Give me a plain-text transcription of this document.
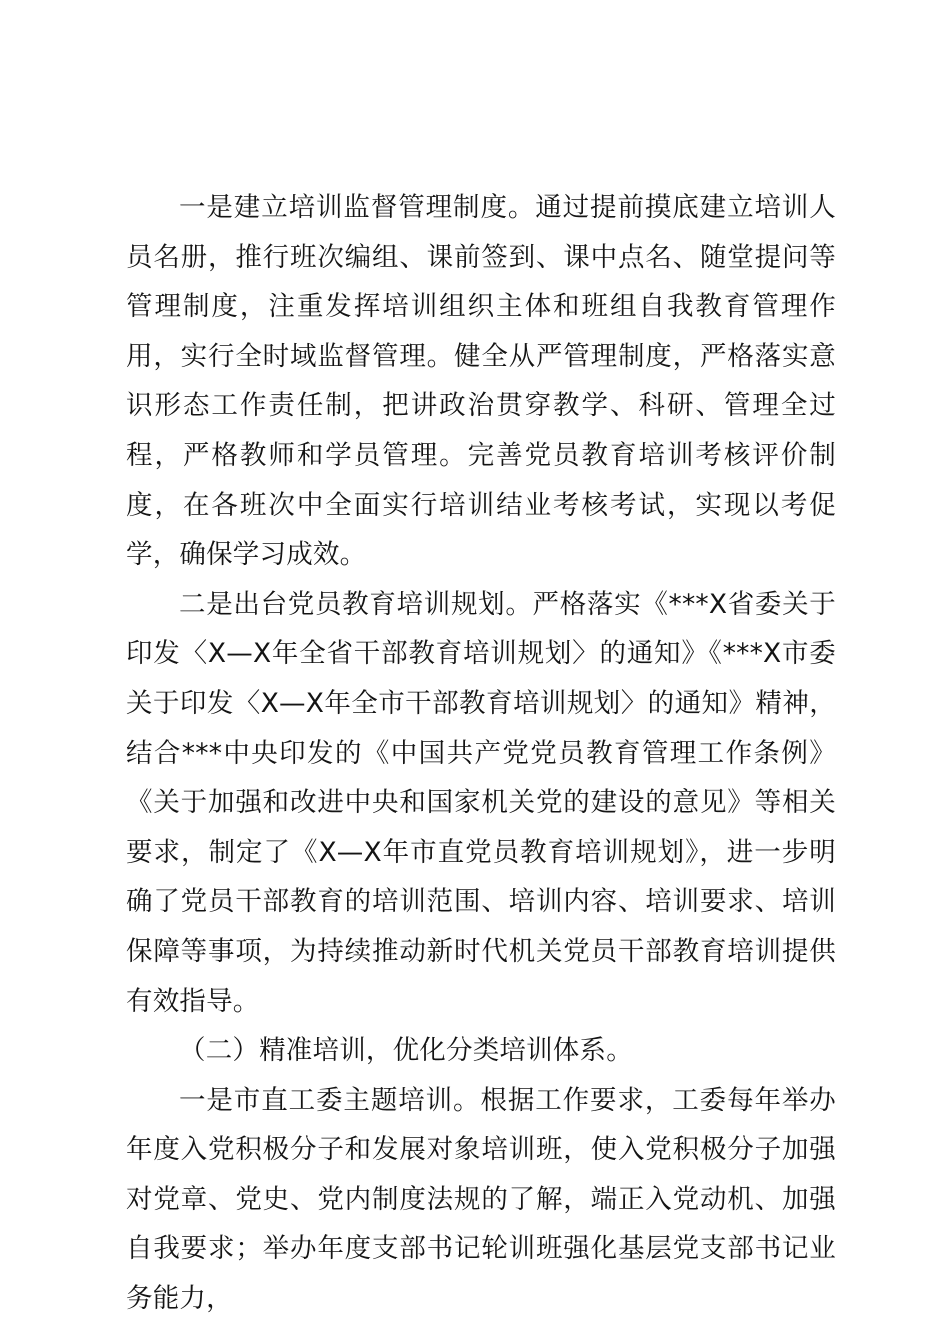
一是建立培训监督管理制度。通过提前摸底建立培训人员名册，推行班次编组、课前签到、课中点名、随堂提问等管理制度，注重发挥培训组织主体和班组自我教育管理作用，实行全时域监督管理。健全从严管理制度，严格落实意识形态工作责任制，把讲政治贯穿教学、科研、管理全过程，严格教师和学员管理。完善党员教育培训考核评价制度，在各班次中全面实行培训结业考核考试，实现以考促学，确保学习成效。

二是出台党员教育培训规划。严格落实《***X省委关于印发〈X—X年全省干部教育培训规划〉的通知》《***X市委关于印发〈X—X年全市干部教育培训规划〉的通知》精神，结合***中央印发的《中国共产党党员教育管理工作条例》《关于加强和改进中央和国家机关党的建设的意见》等相关要求，制定了《X—X年市直党员教育培训规划》，进一步明确了党员干部教育的培训范围、培训内容、培训要求、培训保障等事项，为持续推动新时代机关党员干部教育培训提供有效指导。

（二）精准培训，优化分类培训体系。

一是市直工委主题培训。根据工作要求，工委每年举办年度入党积极分子和发展对象培训班，使入党积极分子加强对党章、党史、党内制度法规的了解，端正入党动机、加强自我要求；举办年度支部书记轮训班强化基层党支部书记业务能力，
